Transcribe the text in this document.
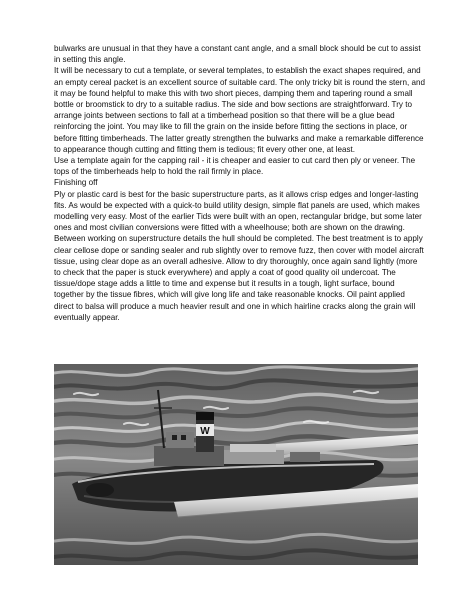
bulwarks are unusual in that they have a constant cant angle, and a small block should be cut to assist in setting this angle.

It will be necessary to cut a template, or several templates, to establish the exact shapes required, and an empty cereal packet is an excellent source of suitable card. The only tricky bit is round the stern, and it may be found helpful to make this with two short pieces, damping them and tapering round a small bottle or broomstick to dry to a suitable radius. The side and bow sections are straightforward. Try to arrange joints between sections to fall at a timberhead position so that there will be a glue bead reinforcing the joint. You may like to fill the grain on the inside before fitting the sections in place, or before fitting timberheads. The latter greatly strengthen the bulwarks and make a remarkable difference to appearance though cutting and fitting them is tedious; fit every other one, at least.

Use a template again for the capping rail - it is cheaper and easier to cut card then ply or veneer. The tops of the timberheads help to hold the rail firmly in place.

Finishing off

Ply or plastic card is best for the basic superstructure parts, as it allows crisp edges and longer-lasting fits. As would be expected with a quick-to build utility design, simple flat panels are used, which makes modelling very easy. Most of the earlier Tids were built with an open, rectangular bridge, but some later ones and most civilian conversions were fitted with a wheelhouse; both are shown on the drawing. Between working on superstructure details the hull should be completed. The best treatment is to apply clear cellose dope or sanding sealer and rub slightly over to remove fuzz, then cover with model aircraft tissue, using clear dope as an overall adhesive. Allow to dry thoroughly, once again sand lightly (more to check that the paper is stuck everywhere) and apply a coat of good quality oil undercoat. The tissue/dope stage adds a little to time and expense but it results in a tough, light surface, bound together by the tissue fibres, which will give long life and take reasonable knocks. Oil paint applied direct to balsa will produce a much heavier result and one in which hairline cracks along the grain will eventually appear.

W
